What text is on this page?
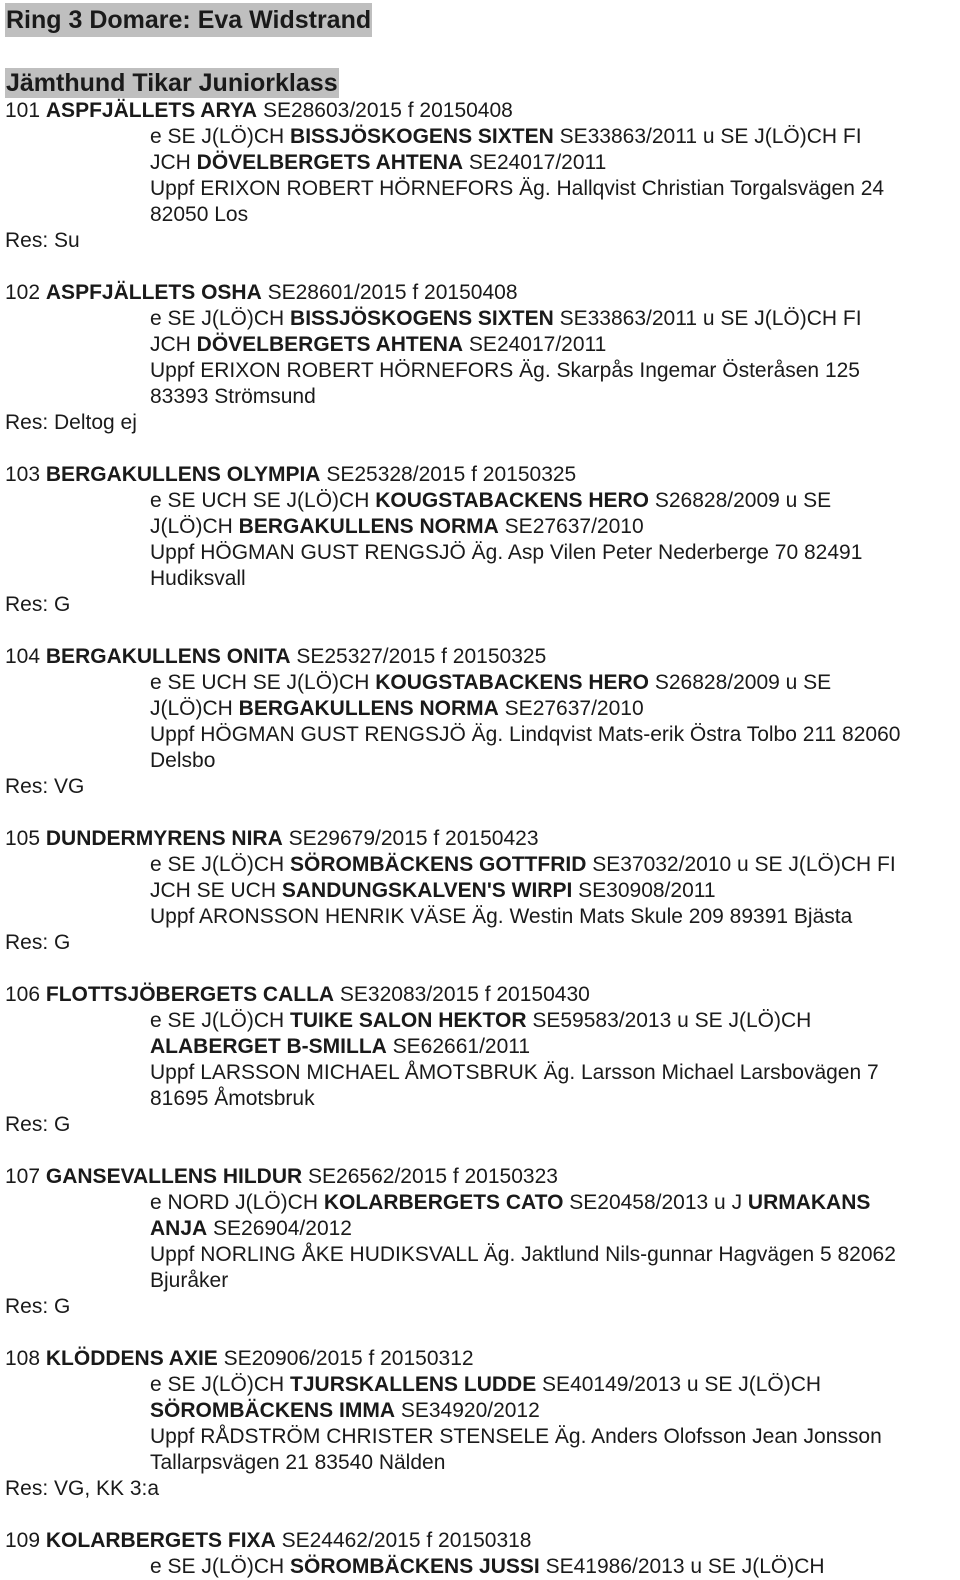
Ring 3 Domare: Eva Widstrand
Jämthund Tikar Juniorklass
101 ASPFJÄLLETS ARYA SE28603/2015 f 20150408
e SE J(LÖ)CH BISSJÖSKOGENS SIXTEN SE33863/2011 u SE J(LÖ)CH FI
JCH DÖVELBERGETS AHTENA SE24017/2011
Uppf ERIXON ROBERT HÖRNEFORS Äg. Hallqvist Christian Torgalsvägen 24
82050 Los
Res: Su
102 ASPFJÄLLETS OSHA SE28601/2015 f 20150408
e SE J(LÖ)CH BISSJÖSKOGENS SIXTEN SE33863/2011 u SE J(LÖ)CH FI
JCH DÖVELBERGETS AHTENA SE24017/2011
Uppf ERIXON ROBERT HÖRNEFORS Äg. Skarpås Ingemar Österåsen 125
83393 Strömsund
Res: Deltog ej
103 BERGAKULLENS OLYMPIA SE25328/2015 f 20150325
e SE UCH SE J(LÖ)CH KOUGSTABACKENS HERO S26828/2009 u SE
J(LÖ)CH BERGAKULLENS NORMA SE27637/2010
Uppf HÖGMAN GUST RENGSJÖ Äg. Asp Vilen Peter Nederberge 70 82491
Hudiksvall
Res: G
104 BERGAKULLENS ONITA SE25327/2015 f 20150325
e SE UCH SE J(LÖ)CH KOUGSTABACKENS HERO S26828/2009 u SE
J(LÖ)CH BERGAKULLENS NORMA SE27637/2010
Uppf HÖGMAN GUST RENGSJÖ Äg. Lindqvist Mats-erik Östra Tolbo 211 82060
Delsbo
Res: VG
105 DUNDERMYRENS NIRA SE29679/2015 f 20150423
e SE J(LÖ)CH SÖROMBÄCKENS GOTTFRID SE37032/2010 u SE J(LÖ)CH FI
JCH SE UCH SANDUNGSKALVEN'S WIRPI SE30908/2011
Uppf ARONSSON HENRIK VÄSE Äg. Westin Mats Skule 209 89391 Bjästa
Res: G
106 FLOTTSJÖBERGETS CALLA SE32083/2015 f 20150430
e SE J(LÖ)CH TUIKE SALON HEKTOR SE59583/2013 u SE J(LÖ)CH
ALABERGET B-SMILLA SE62661/2011
Uppf LARSSON MICHAEL ÅMOTSBRUK Äg. Larsson Michael Larsbovägen 7
81695 Åmotsbruk
Res: G
107 GANSEVALLENS HILDUR SE26562/2015 f 20150323
e NORD J(LÖ)CH KOLARBERGETS CATO SE20458/2013 u J URMAKANS
ANJA SE26904/2012
Uppf NORLING ÅKE HUDIKSVALL Äg. Jaktlund Nils-gunnar Hagvägen 5 82062
Bjuråker
Res: G
108 KLÖDDENS AXIE SE20906/2015 f 20150312
e SE J(LÖ)CH TJURSKALLENS LUDDE SE40149/2013 u SE J(LÖ)CH
SÖROMBÄCKENS IMMA SE34920/2012
Uppf RÅDSTRÖM CHRISTER STENSELE Äg. Anders Olofsson Jean Jonsson
Tallarpsvägen 21 83540 Nälden
Res: VG, KK 3:a
109 KOLARBERGETS FIXA SE24462/2015 f 20150318
e SE J(LÖ)CH SÖROMBÄCKENS JUSSI SE41986/2013 u SE J(LÖ)CH
